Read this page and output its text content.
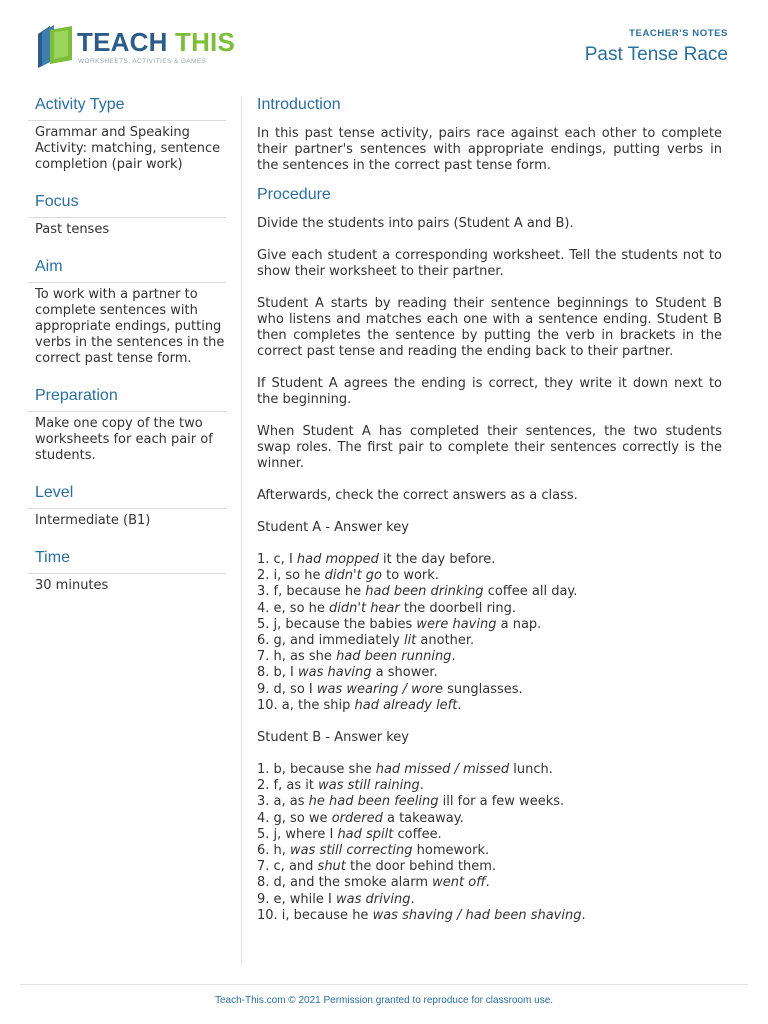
TEACH THIS
WORKSHEETS, ACTIVITIES & GAMES
TEACHER'S NOTES
Past Tense Race
Activity Type
Grammar and Speaking Activity: matching, sentence completion (pair work)
Focus
Past tenses
Aim
To work with a partner to complete sentences with appropriate endings, putting verbs in the sentences in the correct past tense form.
Preparation
Make one copy of the two worksheets for each pair of students.
Level
Intermediate (B1)
Time
30 minutes
Introduction

In this past tense activity, pairs race against each other to complete their partner's sentences with appropriate endings, putting verbs in the sentences in the correct past tense form.

Procedure

Divide the students into pairs (Student A and B).

Give each student a corresponding worksheet. Tell the students not to show their worksheet to their partner.

Student A starts by reading their sentence beginnings to Student B who listens and matches each one with a sentence ending. Student B then completes the sentence by putting the verb in brackets in the correct past tense and reading the ending back to their partner.

If Student A agrees the ending is correct, they write it down next to the beginning.

When Student A has completed their sentences, the two students swap roles. The first pair to complete their sentences correctly is the winner.

Afterwards, check the correct answers as a class.

Student A - Answer key

1. c, I had mopped it the day before.
2. i, so he didn't go to work.
3. f, because he had been drinking coffee all day.
4. e, so he didn't hear the doorbell ring.
5. j, because the babies were having a nap.
6. g, and immediately lit another.
7. h, as she had been running.
8. b, I was having a shower.
9. d, so I was wearing / wore sunglasses.
10. a, the ship had already left.

Student B - Answer key

1. b, because she had missed / missed lunch.
2. f, as it was still raining.
3. a, as he had been feeling ill for a few weeks.
4. g, so we ordered a takeaway.
5. j, where I had spilt coffee.
6. h, was still correcting homework.
7. c, and shut the door behind them.
8. d, and the smoke alarm went off.
9. e, while I was driving.
10. i, because he was shaving / had been shaving.
Teach-This.com © 2021 Permission granted to reproduce for classroom use.
